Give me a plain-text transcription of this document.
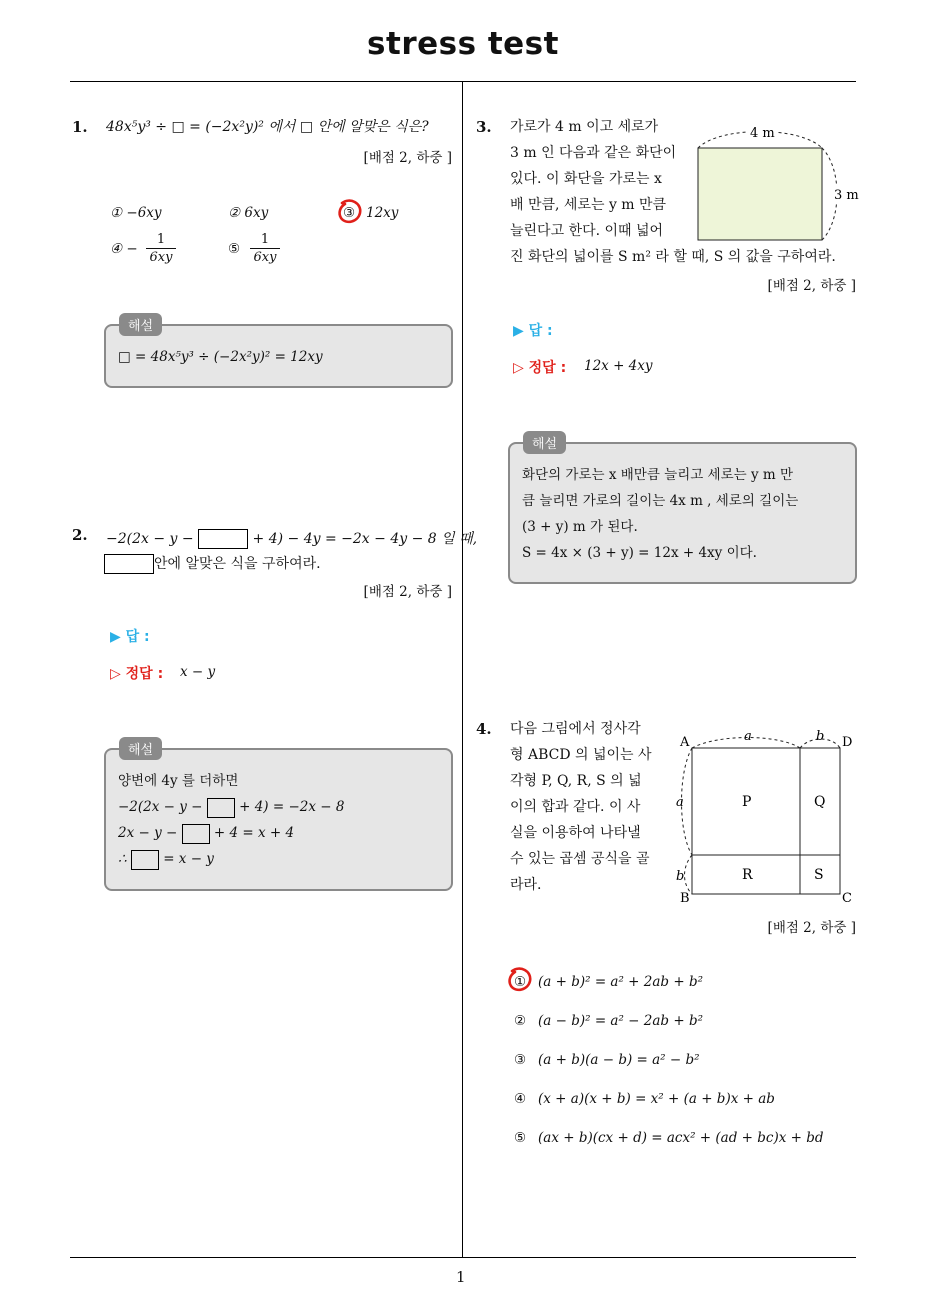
stress test
1
1. 48x⁵y³ ÷ □ = (−2x²y)² 에서 □ 안에 알맞은 식은?
[배점 2, 하중 ]
① −6xy	② 6xy	③ 12xy
④ −
1
6xy
⑤
1
6xy
□ = 48x⁵y³ ÷ (−2x²y)² = 12xy
해설
2. −2(2x − y −	+ 4) − 4y = −2x − 4y − 8 일 때,
안에 알맞은 식을 구하여라.
[배점 2, 하중 ]
▶ 답 :
▷ 정답 : x − y
양변에 4y 를 더하면
−2(2x − y −	+ 4) = −2x − 8
2x − y −	+ 4 = x + 4
∴	= x − y
해설
3. 가로가 4 m 이고 세로가
3 m 인 다음과 같은 화단이
있다. 이 화단을 가로는 x
배 만큼, 세로는 y m 만큼
늘린다고 한다. 이때 넓어
진 화단의 넓이를 S m² 라 할 때, S 의 값을 구하여라.
4 m
3 m
[배점 2, 하중 ]
▶ 답 :
▷ 정답 : 12x + 4xy
화단의 가로는 x 배만큼 늘리고 세로는 y m 만
큼 늘리면 가로의 길이는 4x m , 세로의 길이는
(3 + y) m 가 된다.
S = 4x × (3 + y) = 12x + 4xy 이다.
해설
4. 다음 그림에서 정사각
형 ABCD 의 넓이는 사
각형 P, Q, R, S 의 넓
이의 합과 같다. 이 사
실을 이용하여 나타낼
수 있는 곱셈 공식을 골
라라.
A	D
B	C
a	b
a
b
P	Q
R	S
[배점 2, 하중 ]
① (a + b)² = a² + 2ab + b²
② (a − b)² = a² − 2ab + b²
③ (a + b)(a − b) = a² − b²
④ (x + a)(x + b) = x² + (a + b)x + ab
⑤ (ax + b)(cx + d) = acx² + (ad + bc)x + bd
